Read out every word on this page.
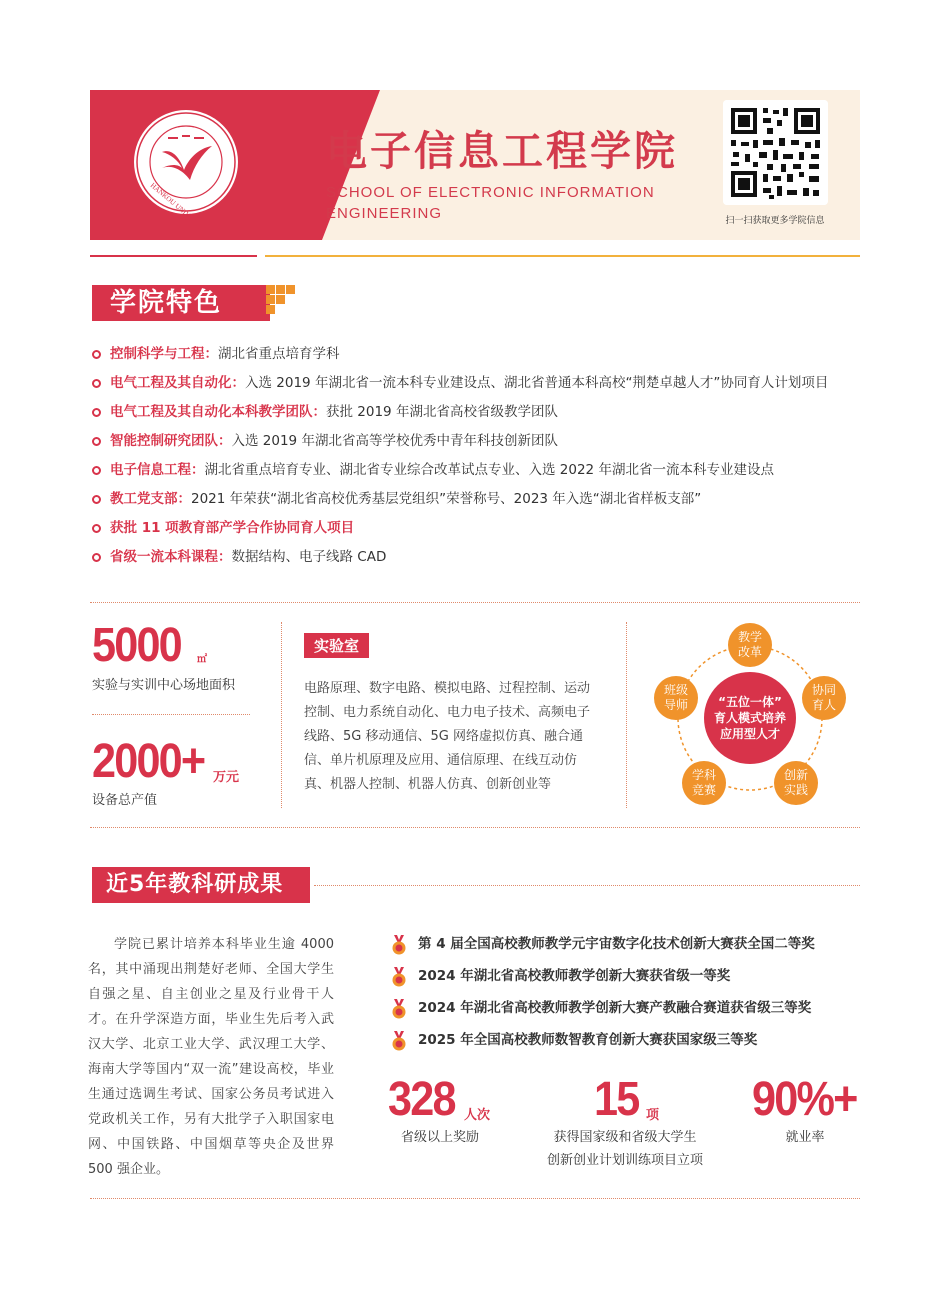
电子信息工程学院
SCHOOL OF ELECTRONIC INFORMATION ENGINEERING	扫一扫获取更多学院信息
学院特色
控制科学与工程：湖北省重点培育学科
电气工程及其自动化：入选 2019 年湖北省一流本科专业建设点、湖北省普通本科高校“荆楚卓越人才”协同育人计划项目
电气工程及其自动化本科教学团队：获批 2019 年湖北省高校省级教学团队
智能控制研究团队：入选 2019 年湖北省高等学校优秀中青年科技创新团队
电子信息工程：湖北省重点培育专业、湖北省专业综合改革试点专业、入选 2022 年湖北省一流本科专业建设点
教工党支部：2021 年荣获“湖北省高校优秀基层党组织”荣誉称号、2023 年入选“湖北省样板支部”
获批 11 项教育部产学合作协同育人项目
省级一流本科课程：数据结构、电子线路 CAD
5000 ㎡
实验与实训中心场地面积
2000+ 万元
设备总产值
实验室
电路原理、数字电路、模拟电路、过程控制、运动控制、电力系统自动化、电力电子技术、高频电子线路、5G 移动通信、5G 网络虚拟仿真、融合通信、单片机原理及应用、通信原理、在线互动仿真、机器人控制、机器人仿真、创新创业等
“五位一体”
育人模式培养
应用型人才
教学
改革
协同
育人
创新
实践
学科
竞赛
班级
导师
近5年教科研成果
学院已累计培养本科毕业生逾 4000 名，其中涌现出荆楚好老师、全国大学生自强之星、自主创业之星及行业骨干人才。在升学深造方面，毕业生先后考入武汉大学、北京工业大学、武汉理工大学、海南大学等国内“双一流”建设高校，毕业生通过选调生考试、国家公务员考试进入党政机关工作，另有大批学子入职国家电网、中国铁路、中国烟草等央企及世界 500 强企业。
第 4 届全国高校教师教学元宇宙数字化技术创新大赛获全国二等奖
2024 年湖北省高校教师教学创新大赛获省级一等奖
2024 年湖北省高校教师教学创新大赛产教融合赛道获省级三等奖
2025 年全国高校教师数智教育创新大赛获国家级三等奖
328 人次
省级以上奖励
15 项
获得国家级和省级大学生
创新创业计划训练项目立项
90%+
就业率
